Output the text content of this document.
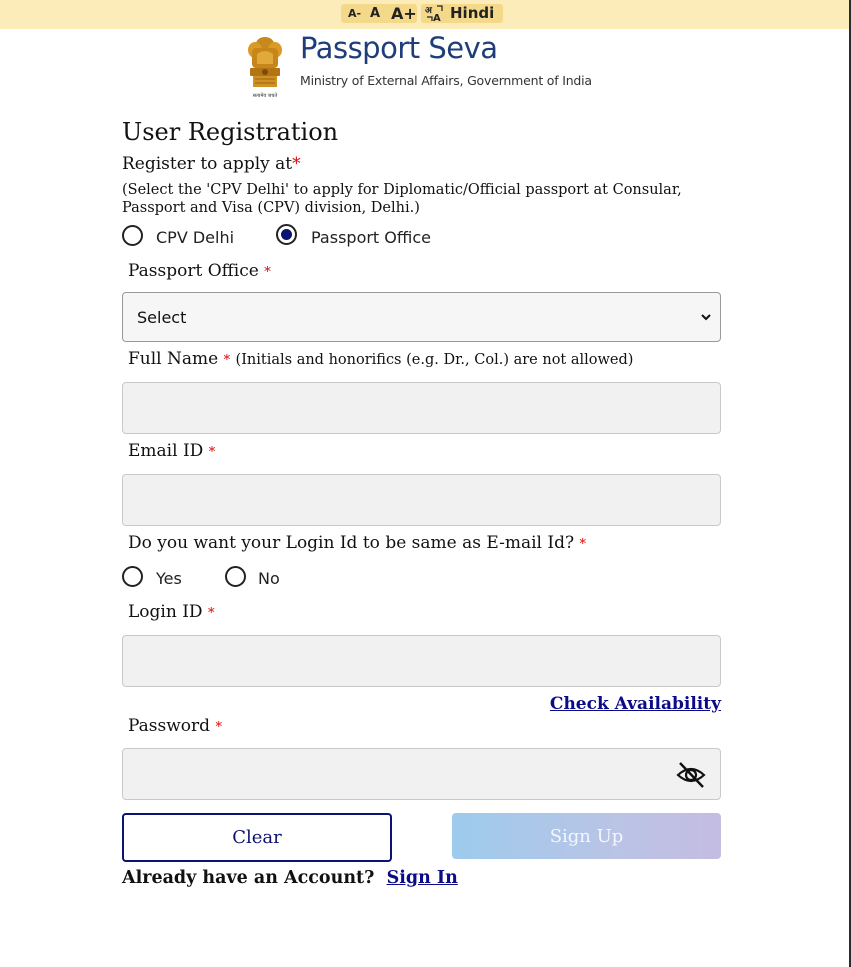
A- A A+ अ
A Hindi
सत्यमेव जयते
Passport Seva
Ministry of External Affairs, Government of India
User Registration
Register to apply at*
(Select the 'CPV Delhi' to apply for Diplomatic/Official passport at Consular, Passport and Visa (CPV) division, Delhi.)
CPV Delhi	Passport Office
Passport Office *
Select
Full Name * (Initials and honorifics (e.g. Dr., Col.) are not allowed)
Email ID *
Do you want your Login Id to be same as E-mail Id? *
Yes	No
Login ID *
Check Availability
Password *
Clear	Sign Up
Already have an Account? Sign In
